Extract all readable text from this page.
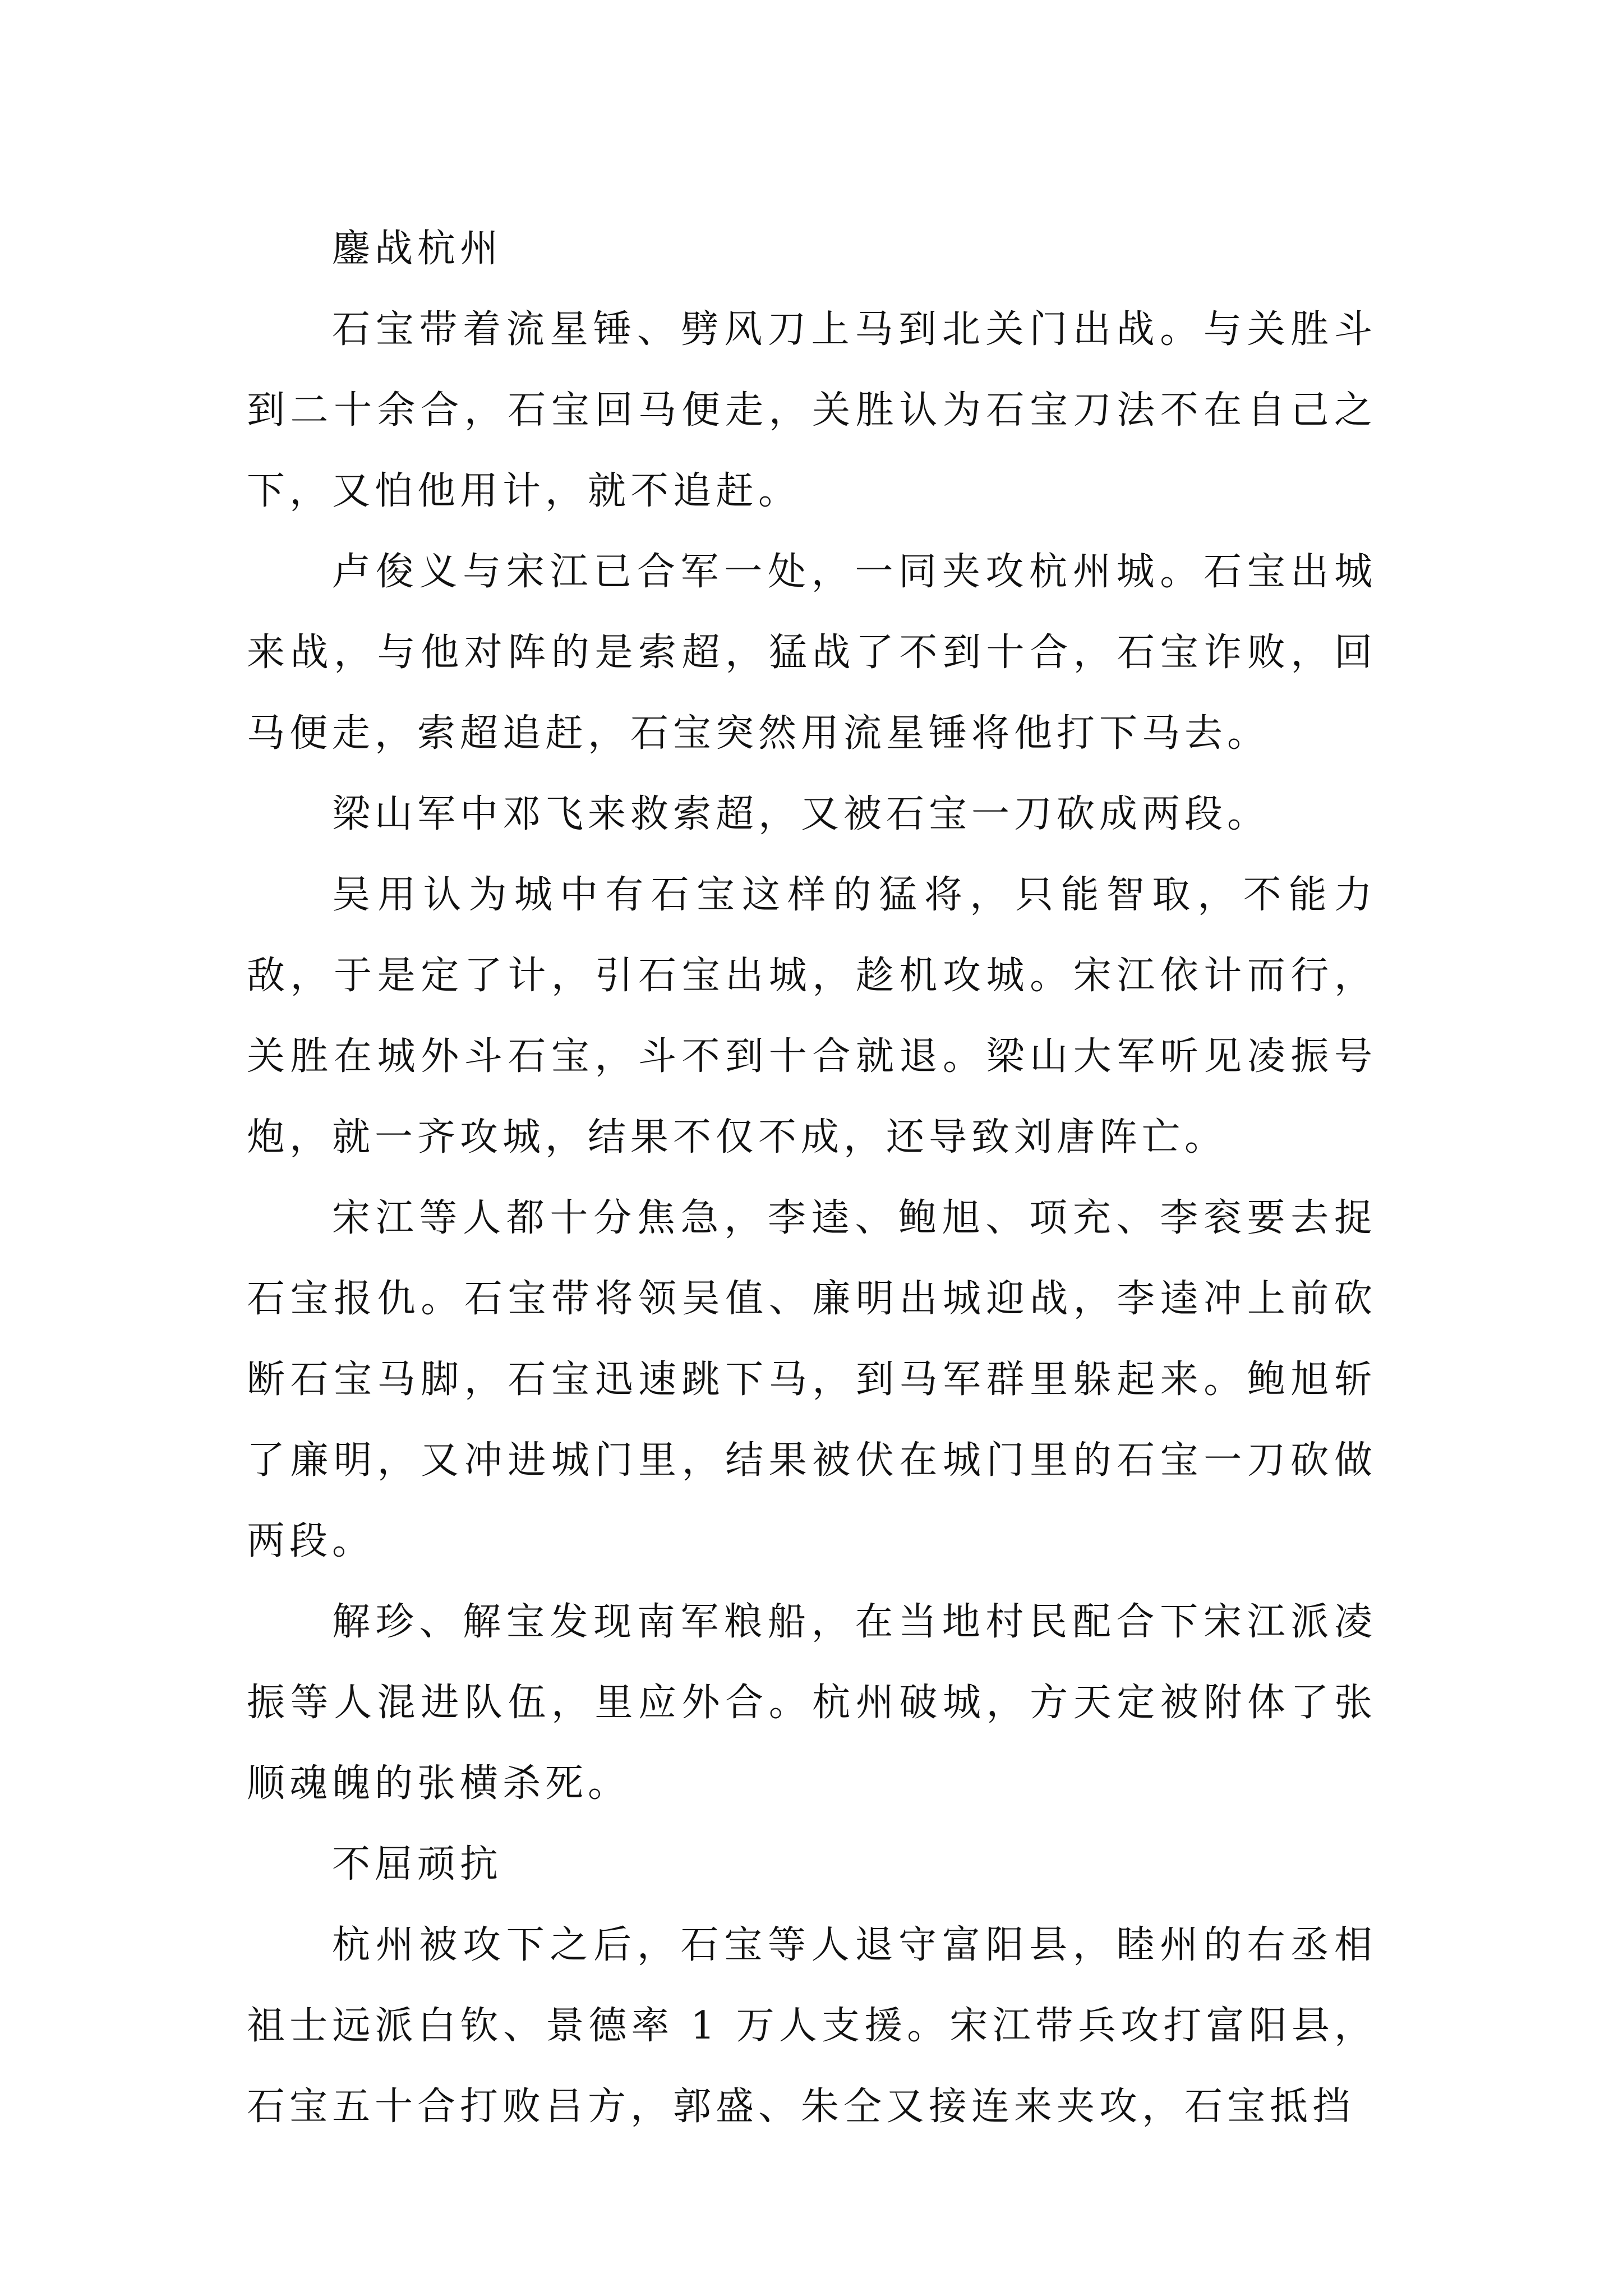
鏖战杭州

石宝带着流星锤、劈风刀上马到北关门出战。与关胜斗到二十余合，石宝回马便走，关胜认为石宝刀法不在自己之下，又怕他用计，就不追赶。

卢俊义与宋江已合军一处，一同夹攻杭州城。石宝出城来战，与他对阵的是索超，猛战了不到十合，石宝诈败，回马便走，索超追赶，石宝突然用流星锤将他打下马去。

梁山军中邓飞来救索超，又被石宝一刀砍成两段。

吴用认为城中有石宝这样的猛将，只能智取，不能力敌，于是定了计，引石宝出城，趁机攻城。宋江依计而行，关胜在城外斗石宝，斗不到十合就退。梁山大军听见凌振号炮，就一齐攻城，结果不仅不成，还导致刘唐阵亡。

宋江等人都十分焦急，李逵、鲍旭、项充、李衮要去捉石宝报仇。石宝带将领吴值、廉明出城迎战，李逵冲上前砍断石宝马脚，石宝迅速跳下马，到马军群里躲起来。鲍旭斩了廉明，又冲进城门里，结果被伏在城门里的石宝一刀砍做两段。

解珍、解宝发现南军粮船，在当地村民配合下宋江派凌振等人混进队伍，里应外合。杭州破城，方天定被附体了张顺魂魄的张横杀死。

不屈顽抗

杭州被攻下之后，石宝等人退守富阳县，睦州的右丞相祖士远派白钦、景德率 1 万人支援。宋江带兵攻打富阳县，石宝五十合打败吕方，郭盛、朱仝又接连来夹攻，石宝抵挡
